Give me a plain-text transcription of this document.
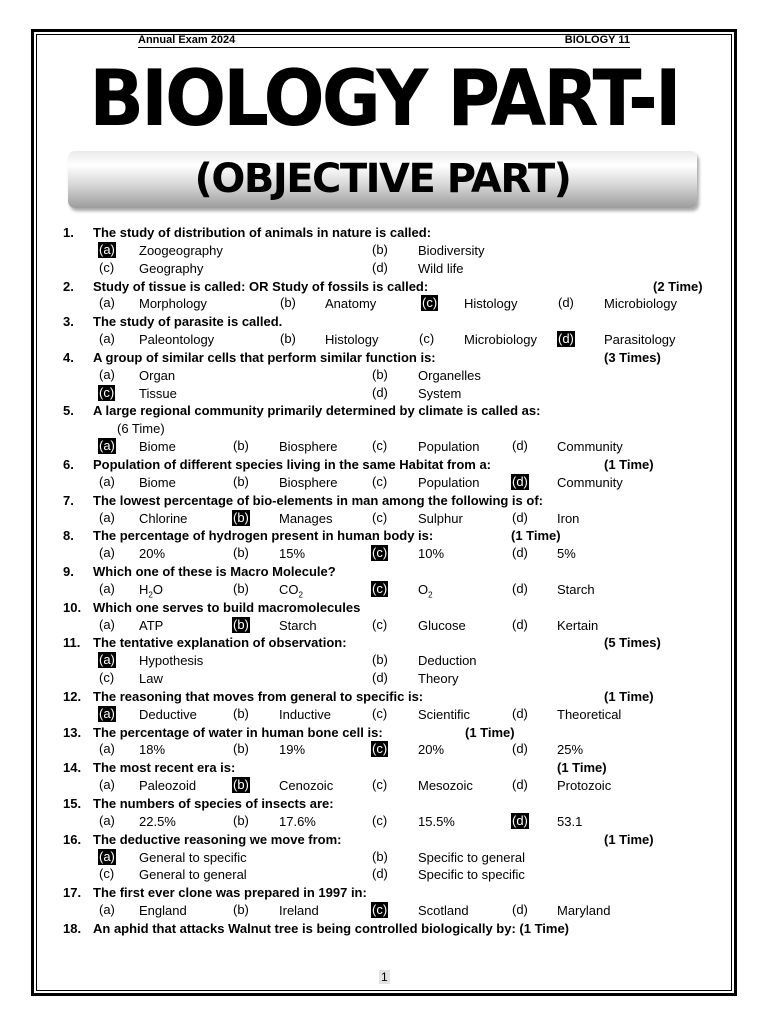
Annual Exam 2024	BIOLOGY 11
BIOLOGY PART-I
(OBJECTIVE PART)
1. The study of distribution of animals in nature is called:
(a) Zoogeography	(b) Biodiversity
(c) Geography	(d) Wild life
2. Study of tissue is called: OR Study of fossils is called:	(2 Time)
(a) Morphology	(b) Anatomy	(c) Histology	(d) Microbiology
3. The study of parasite is called.
(a) Paleontology	(b) Histology	(c) Microbiology (d) Parasitology
4. A group of similar cells that perform similar function is:	(3 Times)
(a) Organ	(b) Organelles
(c) Tissue	(d) System
5. A large regional community primarily determined by climate is called as:
(6 Time)
(a) Biome	(b) Biosphere	(c) Population	(d) Community
6. Population of different species living in the same Habitat from a:	(1 Time)
(a) Biome	(b) Biosphere	(c) Population	(d) Community
7. The lowest percentage of bio-elements in man among the following is of:
(a) Chlorine	(b) Manages	(c) Sulphur	(d) Iron
8. The percentage of hydrogen present in human body is:	(1 Time)
(a) 20%	(b) 15%	(c) 10%	(d) 5%
9. Which one of these is Macro Molecule?
(a) $H_2O$	(b) $CO_2$	(c) $O_2$	(d) Starch
10. Which one serves to build macromolecules
(a) ATP	(b) Starch	(c) Glucose	(d) Kertain
11. The tentative explanation of observation:	(5 Times)
(a) Hypothesis	(b) Deduction
(c) Law	(d) Theory
12. The reasoning that moves from general to specific is:	(1 Time)
(a) Deductive	(b) Inductive	(c) Scientific	(d) Theoretical
13. The percentage of water in human bone cell is:	(1 Time)
(a) 18%	(b) 19%	(c) 20%	(d) 25%
14. The most recent era is:	(1 Time)
(a) Paleozoid	(b) Cenozoic	(c) Mesozoic	(d) Protozoic
15. The numbers of species of insects are:
(a) 22.5%	(b) 17.6%	(c) 15.5%	(d) 53.1
16. The deductive reasoning we move from:	(1 Time)
(a) General to specific	(b) Specific to general
(c) General to general	(d) Specific to specific
17. The first ever clone was prepared in 1997 in:
(a) England	(b) Ireland	(c) Scotland	(d) Maryland
18. An aphid that attacks Walnut tree is being controlled biologically by: (1 Time)
1
